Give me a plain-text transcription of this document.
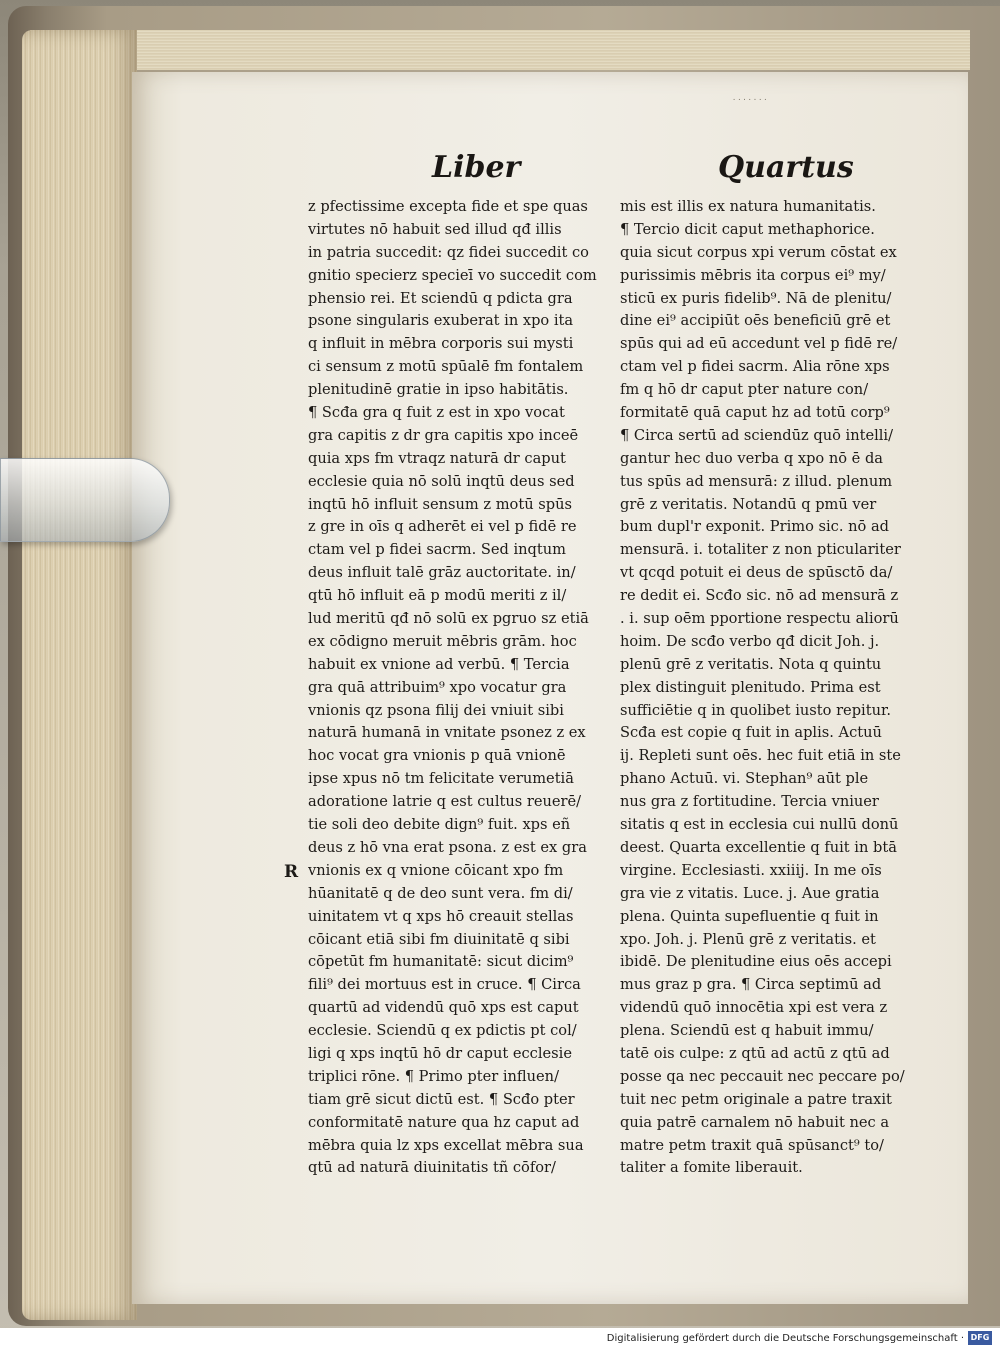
·······
Liber	Quartus
R
z pfectissime excepta fide et spe quas
virtutes nō habuit sed illud qđ illis
in patria succedit: qz fidei succedit co
gnitio specierz specieī vo succedit com
phensio rei. Et sciendū q pdicta gra
psone singularis exuberat in xpo ita
q influit in mēbra corporis sui mysti
ci sensum z motū spūalē fm fontalem
plenitudinē gratie in ipso habitātis.
¶ Scđa gra q fuit z est in xpo vocat
gra capitis z dr gra capitis xpo inceē
quia xps fm vtraqz naturā dr caput
ecclesie quia nō solū inqtū deus sed
inqtū hō influit sensum z motū spūs
z gre in oīs q adherēt ei vel p fidē re
ctam vel p fidei sacrm. Sed inqtum
deus influit talē grāz auctoritate. in/
qtū hō influit eā p modū meriti z il/
lud meritū qđ nō solū ex pgruo sz etiā
ex cōdigno meruit mēbris grām. hoc
habuit ex vnione ad verbū. ¶ Tercia
gra quā attribuim⁹ xpo vocatur gra
vnionis qz psona filij dei vniuit sibi
naturā humanā in vnitate psonez z ex
hoc vocat gra vnionis p quā vnionē
ipse xpus nō tm felicitate verumetiā
adoratione latrie q est cultus reuerē/
tie soli deo debite dign⁹ fuit. xps eñ
deus z hō vna erat psona. z est ex gra
vnionis ex q vnione cōicant xpo fm
hūanitatē q de deo sunt vera. fm di/
uinitatem vt q xps hō creauit stellas
cōicant etiā sibi fm diuinitatē q sibi
cōpetūt fm humanitatē: sicut dicim⁹
fili⁹ dei mortuus est in cruce. ¶ Circa
quartū ad videndū quō xps est caput
ecclesie. Sciendū q ex pdictis pt col/
ligi q xps inqtū hō dr caput ecclesie
triplici rōne. ¶ Primo pter influen/
tiam grē sicut dictū est. ¶ Scđo pter
conformitatē nature qua hz caput ad
mēbra quia lz xps excellat mēbra sua
qtū ad naturā diuinitatis tñ cōfor/
mis est illis ex natura humanitatis.
¶ Tercio dicit caput methaphorice.
quia sicut corpus xpi verum cōstat ex
purissimis mēbris ita corpus ei⁹ my/
sticū ex puris fidelib⁹. Nā de plenitu/
dine ei⁹ accipiūt oēs beneficiū grē et
spūs qui ad eū accedunt vel p fidē re/
ctam vel p fidei sacrm. Alia rōne xps
fm q hō dr caput pter nature con/
formitatē quā caput hz ad totū corp⁹
¶ Circa sertū ad sciendūz quō intelli/
gantur hec duo verba q xpo nō ē da
tus spūs ad mensurā: z illud. plenum
grē z veritatis. Notandū q pmū ver
bum dupl'r exponit. Primo sic. nō ad
mensurā. i. totaliter z non pticulariter
vt qcqd potuit ei deus de spūsctō da/
re dedit ei. Scđo sic. nō ad mensurā z
. i. sup oēm pportione respectu aliorū
hoim. De scđo verbo qđ dicit Joh. j.
plenū grē z veritatis. Nota q quintu
plex distinguit plenitudo. Prima est
sufficiētie q in quolibet iusto repitur.
Scđa est copie q fuit in aplis. Actuū
ij. Repleti sunt oēs. hec fuit etiā in ste
phano Actuū. vi. Stephan⁹ aūt ple
nus gra z fortitudine. Tercia vniuer
sitatis q est in ecclesia cui nullū donū
deest. Quarta excellentie q fuit in btā
virgine. Ecclesiasti. xxiiij. In me oīs
gra vie z vitatis. Luce. j. Aue gratia
plena. Quinta supefluentie q fuit in
xpo. Joh. j. Plenū grē z veritatis. et
ibidē. De plenitudine eius oēs accepi
mus graz p gra. ¶ Circa septimū ad
videndū quō innocētia xpi est vera z
plena. Sciendū est q habuit immu/
tatē ois culpe: z qtū ad actū z qtū ad
posse qa nec peccauit nec peccare po/
tuit nec petm originale a patre traxit
quia patrē carnalem nō habuit nec a
matre petm traxit quā spūsanct⁹ to/
taliter a fomite liberauit.
Digitalisierung gefördert durch die Deutsche Forschungsgemeinschaft · DFG
